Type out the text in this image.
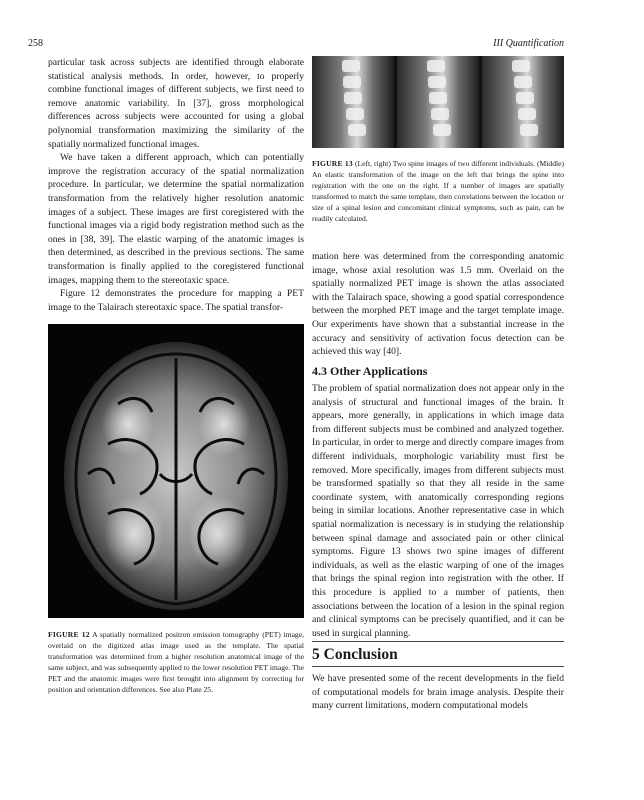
258	III Quantification

particular task across subjects are identified through elaborate statistical analysis methods. In order, however, to properly combine functional images of different subjects, we first need to remove anatomic variability. In [37], gross morphological differences across subjects were accounted for using a global polynomial transformation maximizing the similarity of the spatially normalized functional images.

We have taken a different approach, which can potentially improve the registration accuracy of the spatial normalization procedure. In particular, we determine the spatial normalization transformation from the relatively higher resolution anatomic images of a subject. These images are first coregistered with the functional images via a rigid body registration method such as the ones in [38, 39]. The elastic warping of the anatomic images is then determined, as described in the previous sections. The same transformation is finally applied to the coregistered functional images, mapping them to the stereotaxic space.

Figure 12 demonstrates the procedure for mapping a PET image to the Talairach stereotaxic space. The spatial transfor-

FIGURE 13 (Left, right) Two spine images of two different individuals. (Middle) An elastic transformation of the image on the left that brings the spine into registration with the one on the right. If a number of images are spatially transformed to match the same template, then correlations between the location or size of a spinal lesion and concomitant clinical symptoms, such as pain, can be readily calculated.

mation here was determined from the corresponding anatomic image, whose axial resolution was 1.5 mm. Overlaid on the spatially normalized PET image is shown the atlas associated with the Talairach space, showing a good spatial correspondence between the morphed PET image and the target template image. Our experiments have shown that a substantial increase in the accuracy and sensitivity of activation focus detection can be achieved this way [40].

FIGURE 12 A spatially normalized positron emission tomography (PET) image, overlaid on the digitized atlas image used as the template. The spatial transformation was determined from a higher resolution anatomical image of the same subject, and was subsequently applied to the lower resolution PET image. The PET and the anatomic images were first brought into alignment by correcting for position and orientation differences. See also Plate 25.
4.3 Other Applications

The problem of spatial normalization does not appear only in the analysis of structural and functional images of the brain. It appears, more generally, in applications in which image data from different subjects must be combined and analyzed together. In particular, in order to merge and directly compare images from different individuals, morphologic variability must first be removed. More specifically, images from different subjects must be transformed spatially so that they all reside in the same coordinate system, with anatomically corresponding regions being in similar locations. Another representative case in which spatial normalization is necessary is in studying the relationship between spinal damage and associated pain or other clinical symptoms. Figure 13 shows two spine images of different individuals, as well as the elastic warping of one of the images that brings the spinal region into registration with the other. If this procedure is applied to a number of patients, then associations between the location of a lesion in the spinal region and clinical symptoms can be precisely quantified, and it can be used in surgical planning.

5 Conclusion

We have presented some of the recent developments in the field of computational models for brain image analysis. Despite their many current limitations, modern computational models
